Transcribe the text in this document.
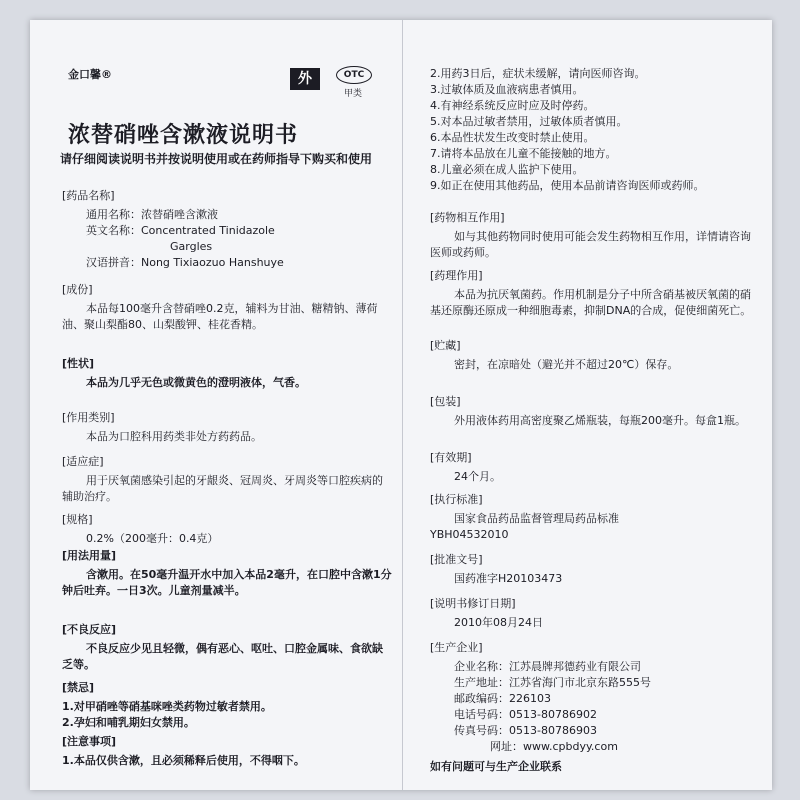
金口馨®	外	OTC
甲类
浓替硝唑含漱液说明书
请仔细阅读说明书并按说明使用或在药师指导下购买和使用
[药品名称]
通用名称：浓替硝唑含漱液
英文名称：Concentrated Tinidazole
Gargles
汉语拼音：Nong Tixiaozuo Hanshuye
[成份]
本品每100毫升含替硝唑0.2克，辅料为甘油、糖精钠、薄荷油、聚山梨酯80、山梨酸钾、桂花香精。
[性状]
本品为几乎无色或微黄色的澄明液体，气香。
[作用类别]
本品为口腔科用药类非处方药药品。
[适应症]
用于厌氧菌感染引起的牙龈炎、冠周炎、牙周炎等口腔疾病的辅助治疗。
[规格]
0.2%（200毫升：0.4克）
[用法用量]
含漱用。在50毫升温开水中加入本品2毫升，在口腔中含漱1分钟后吐弃。一日3次。儿童剂量减半。
[不良反应]
不良反应少见且轻微，偶有恶心、呕吐、口腔金属味、食欲缺乏等。
[禁忌]
1.对甲硝唑等硝基咪唑类药物过敏者禁用。
2.孕妇和哺乳期妇女禁用。
[注意事项]
1.本品仅供含漱，且必须稀释后使用，不得咽下。
2.用药3日后，症状未缓解，请向医师咨询。
3.过敏体质及血液病患者慎用。
4.有神经系统反应时应及时停药。
5.对本品过敏者禁用，过敏体质者慎用。
6.本品性状发生改变时禁止使用。
7.请将本品放在儿童不能接触的地方。
8.儿童必须在成人监护下使用。
9.如正在使用其他药品，使用本品前请咨询医师或药师。
[药物相互作用]
如与其他药物同时使用可能会发生药物相互作用，详情请咨询医师或药师。
[药理作用]
本品为抗厌氧菌药。作用机制是分子中所含硝基被厌氧菌的硝基还原酶还原成一种细胞毒素，抑制DNA的合成，促使细菌死亡。
[贮藏]
密封，在凉暗处（避光并不超过20℃）保存。
[包装]
外用液体药用高密度聚乙烯瓶装，每瓶200毫升。每盒1瓶。
[有效期]
24个月。
[执行标准]
国家食品药品监督管理局药品标准
YBH04532010
[批准文号]
国药准字H20103473
[说明书修订日期]
2010年08月24日
[生产企业]
企业名称：江苏晨牌邦德药业有限公司
生产地址：江苏省海门市北京东路555号
邮政编码：226103
电话号码：0513-80786902
传真号码：0513-80786903
网址：www.cpbdyy.com
如有问题可与生产企业联系
